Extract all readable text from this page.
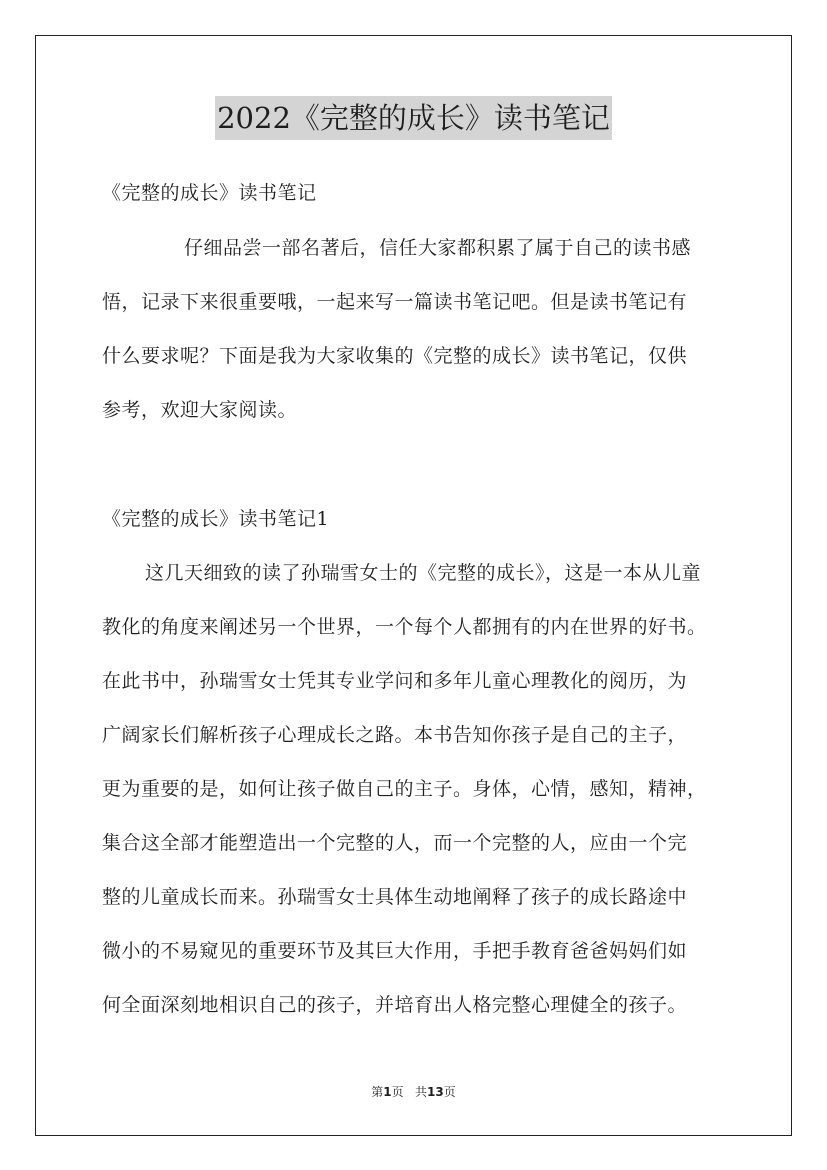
2022《完整的成长》读书笔记
《完整的成长》读书笔记
仔细品尝一部名著后，信任大家都积累了属于自己的读书感
悟，记录下来很重要哦，一起来写一篇读书笔记吧。但是读书笔记有
什么要求呢？下面是我为大家收集的《完整的成长》读书笔记，仅供
参考，欢迎大家阅读。
《完整的成长》读书笔记1
这几天细致的读了孙瑞雪女士的《完整的成长》，这是一本从儿童
教化的角度来阐述另一个世界，一个每个人都拥有的内在世界的好书。
在此书中，孙瑞雪女士凭其专业学问和多年儿童心理教化的阅历，为
广阔家长们解析孩子心理成长之路。本书告知你孩子是自己的主子，
更为重要的是，如何让孩子做自己的主子。身体，心情，感知，精神，
集合这全部才能塑造出一个完整的人，而一个完整的人，应由一个完
整的儿童成长而来。孙瑞雪女士具体生动地阐释了孩子的成长路途中
微小的不易窥见的重要环节及其巨大作用，手把手教育爸爸妈妈们如
何全面深刻地相识自己的孩子，并培育出人格完整心理健全的孩子。
第1页   共13页
